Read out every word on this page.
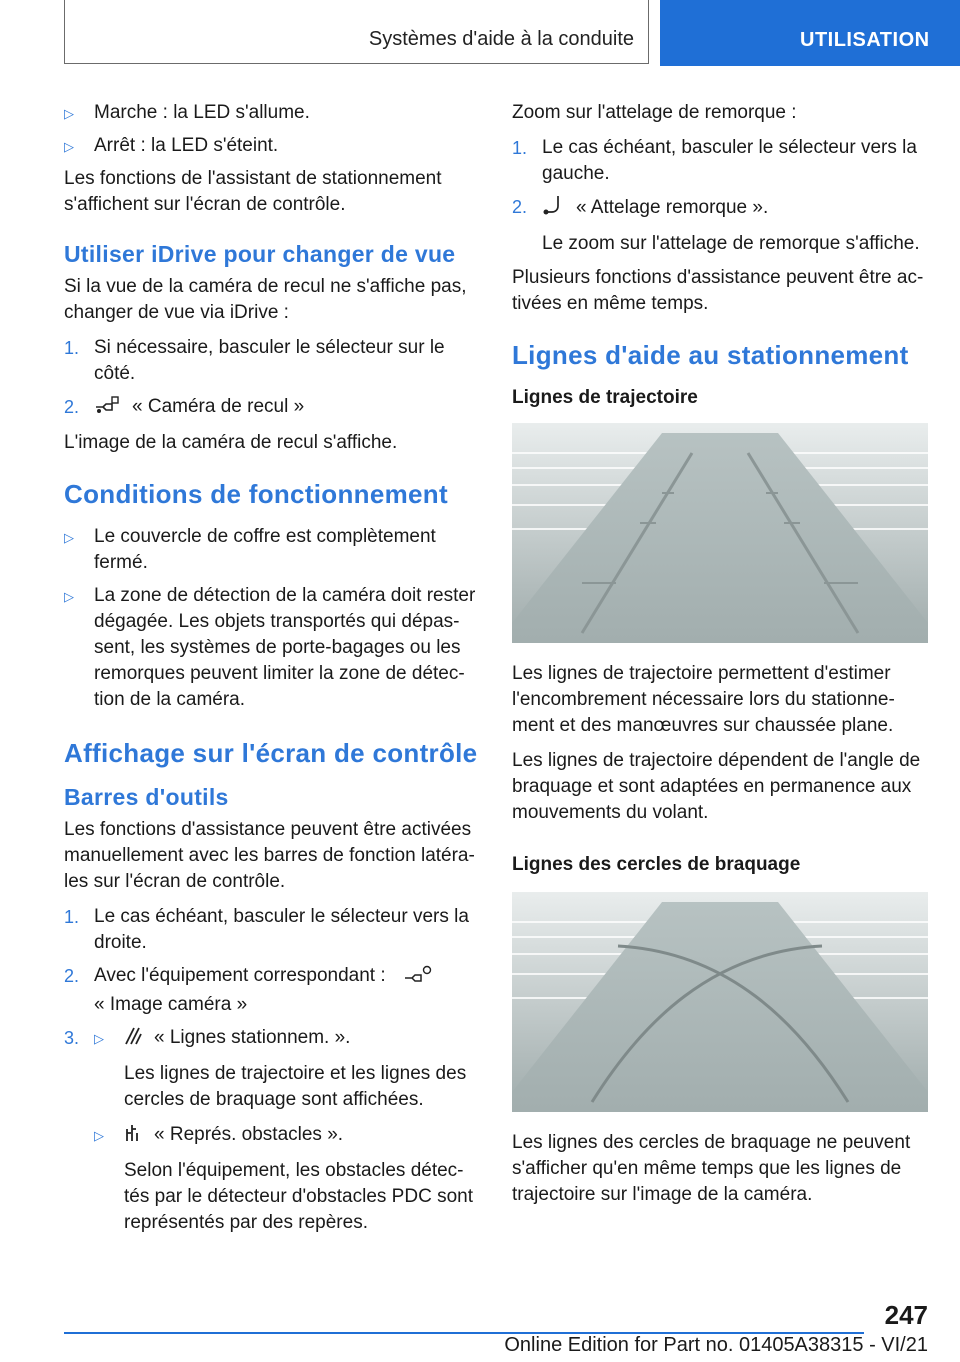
Systèmes d'aide à la conduite	UTILISATION
▷ Marche : la LED s'allume.
▷ Arrêt : la LED s'éteint.

Les fonctions de l'assistant de stationnement s'affichent sur l'écran de contrôle.

Utiliser iDrive pour changer de vue

Si la vue de la caméra de recul ne s'affiche pas, changer de vue via iDrive :

1. Si nécessaire, basculer le sélecteur sur le côté.
2.	« Caméra de recul »

L'image de la caméra de recul s'affiche.

Conditions de fonctionnement
▷ Le couvercle de coffre est complètement fermé.
▷ La zone de détection de la caméra doit rester dégagée. Les objets transportés qui dépas-sent, les systèmes de porte-bagages ou les remorques peuvent limiter la zone de détec-tion de la caméra.
Affichage sur l'écran de contrôle
Barres d'outils

Les fonctions d'assistance peuvent être activées manuellement avec les barres de fonction latéra-les sur l'écran de contrôle.

1. Le cas échéant, basculer le sélecteur vers la droite.
2. Avec l'équipement correspondant :
« Image caméra »
3. ▷	« Lignes stationnem. ».

Les lignes de trajectoire et les lignes des cercles de braquage sont affichées.

▷	« Représ. obstacles ».

Selon l'équipement, les obstacles détec-tés par le détecteur d'obstacles PDC sont représentés par des repères.

Zoom sur l'attelage de remorque :

1. Le cas échéant, basculer le sélecteur vers la gauche.
2.	« Attelage remorque ».

Le zoom sur l'attelage de remorque s'affiche.

Plusieurs fonctions d'assistance peuvent être ac-tivées en même temps.

Lignes d'aide au stationnement
Lignes de trajectoire

Les lignes de trajectoire permettent d'estimer l'encombrement nécessaire lors du stationne-ment et des manœuvres sur chaussée plane.

Les lignes de trajectoire dépendent de l'angle de braquage et sont adaptées en permanence aux mouvements du volant.

Lignes des cercles de braquage

Les lignes des cercles de braquage ne peuvent s'afficher qu'en même temps que les lignes de trajectoire sur l'image de la caméra.

247
Online Edition for Part no. 01405A38315 - VI/21
